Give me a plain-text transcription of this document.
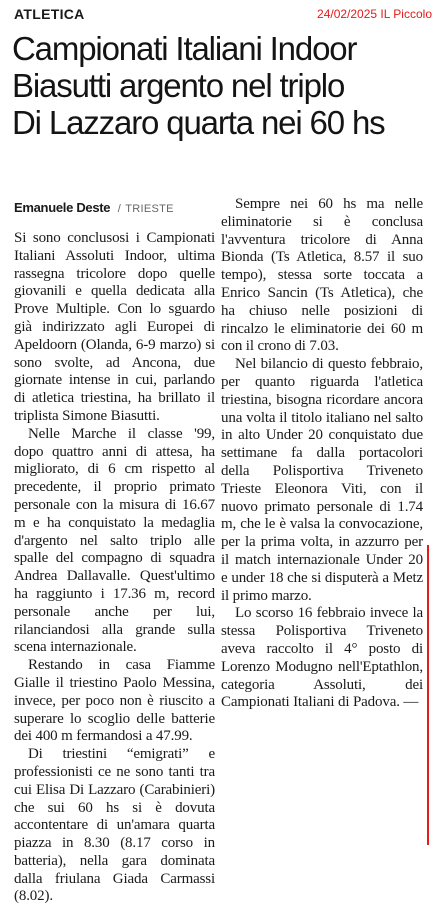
ATLETICA	24/02/2025 IL Piccolo
Campionati Italiani Indoor
Biasutti argento nel triplo
Di Lazzaro quarta nei 60 hs
Emanuele Deste / TRIESTE

Si sono conclusosi i Campionati Italiani Assoluti Indoor, ultima rassegna tricolore dopo quelle giovanili e quella dedicata alla Prove Multiple. Con lo sguardo già indirizzato agli Europei di Apeldoorn (Olanda, 6-9 marzo) si sono svolte, ad Ancona, due giornate intense in cui, parlando di atletica triestina, ha brillato il triplista Simone Biasutti.

Nelle Marche il classe '99, dopo quattro anni di attesa, ha migliorato, di 6 cm rispetto al precedente, il proprio primato personale con la misura di 16.67 m e ha conquistato la medaglia d'argento nel salto triplo alle spalle del compagno di squadra Andrea Dallavalle. Quest'ultimo ha raggiunto i 17.36 m, record personale anche per lui, rilanciandosi alla grande sulla scena internazionale.

Restando in casa Fiamme Gialle il triestino Paolo Messina, invece, per poco non è riuscito a superare lo scoglio delle batterie dei 400 m fermandosi a 47.99.

Di triestini “emigrati” e professionisti ce ne sono tanti tra cui Elisa Di Lazzaro (Carabinieri) che sui 60 hs si è dovuta accontentare di un'amara quarta piazza in 8.30 (8.17 corso in batteria), nella gara dominata dalla friulana Giada Carmassi (8.02).

Sempre nei 60 hs ma nelle eliminatorie si è conclusa l'avventura tricolore di Anna Bionda (Ts Atletica, 8.57 il suo tempo), stessa sorte toccata a Enrico Sancin (Ts Atletica), che ha chiuso nelle posizioni di rincalzo le eliminatorie dei 60 m con il crono di 7.03.

Nel bilancio di questo febbraio, per quanto riguarda l'atletica triestina, bisogna ricordare ancora una volta il titolo italiano nel salto in alto Under 20 conquistato due settimane fa dalla portacolori della Polisportiva Triveneto Trieste Eleonora Viti, con il nuovo primato personale di 1.74 m, che le è valsa la convocazione, per la prima volta, in azzurro per il match internazionale Under 20 e under 18 che si disputerà a Metz il primo marzo.

Lo scorso 16 febbraio invece la stessa Polisportiva Triveneto aveva raccolto il 4° posto di Lorenzo Modugno nell'Eptathlon, categoria Assoluti, dei Campionati Italiani di Padova. —
